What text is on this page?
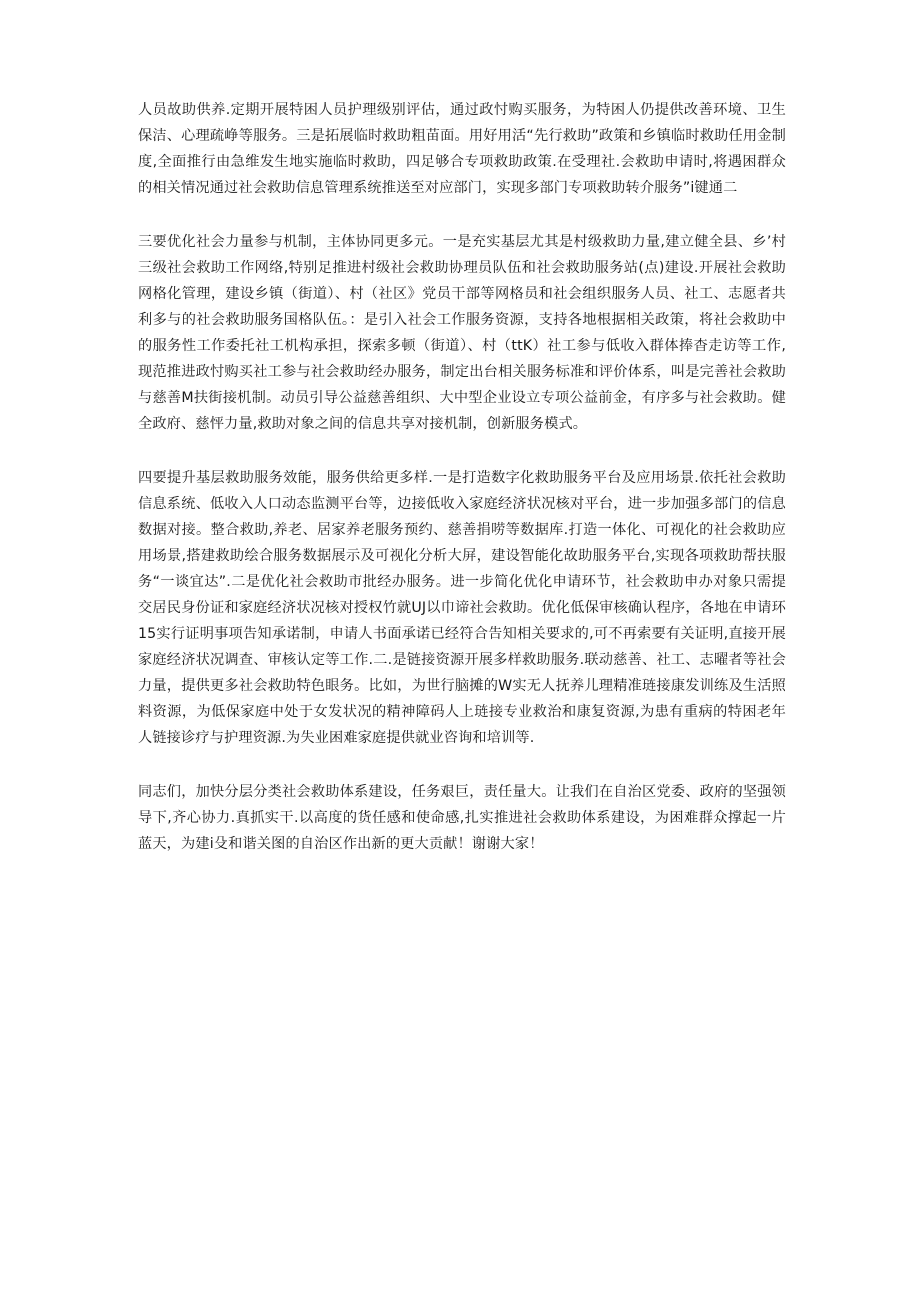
人员故助供养.定期开展特困人员护理级别评估，通过政忖购买服务，为特困人仍提供改善环境、卫生保洁、心理疏峥等服务。三是拓展临时救助粗苗面。用好用活“先行救助”政策和乡镇临时救助任用金制度,全面推行由急维发生地实施临时救助，四足够合专项救助政策.在受理社.会救助申请时,将遇困群众的相关情况通过社会救助信息管理系统推送至对应部门，实现多部门专项救助转介服务”i键通二

三要优化社会力量参与机制，主体协同更多元。一是充实基层尤其是村级救助力量,建立健全县、乡’村三级社会救助工作网络,特别足推进村级社会救助协理员队伍和社会救助服务站(点)建设.开展社会救助网格化管理，建设乡镇（街道）、村（社区》党员干部等网格员和社会组织服务人员、社工、志愿者共利多与的社会救助服务国格队伍。：是引入社会工作服务资源，支持各地根据相关政策，将社会救助中的服务性工作委托社工机构承担，探索多顿（街道）、村（ttK）社工参与低收入群体捧杳走访等工作,现范推进政忖购买社工参与社会救助经办服务，制定出台相关服务标准和评价体系，叫是完善社会救助与慈善M扶街接机制。动员引导公益慈善组织、大中型企业设立专项公益前金，有序多与社会救助。健全政府、慈怦力量,救助对象之间的信息共享对接机制，创新服务模式。

四要提升基层救助服务效能，服务供给更多样.一是打造数字化救助服务平台及应用场景.依托社会救助信息系统、低收入人口动态监测平台等，边接低收入家庭经济状况核对平台，进一步加强多部门的信息数据对接。整合救助,养老、居家养老服务预约、慈善捐唠等数据库.打造一体化、可视化的社会救助应用场景,搭建救助绘合服务数据展示及可视化分析大屏，建设智能化故助服务平台,实现各项救助帮扶服务“一谈宜达”.二是优化社会救助市批经办服务。进一步简化优化申请环节，社会救助申办对象只需提交居民身份证和家庭经济状况核对授权竹就UJ以巾谛社会救助。优化低保审核确认程序，各地在申请环15实行证明事项告知承诺制，申请人书面承诺已经符合告知相关要求的,可不再索要有关证明,直接开展家庭经济状况调查、审核认定等工作.二.是链接资源开展多样救助服务.联动慈善、社工、志曜者等社会力量，提供更多社会救助特色眼务。比如，为世行脑摊的W实无人抚养儿理精准琏接康发训练及生活照料资源，为低保家庭中处于女发状况的精神障码人上琏接专业救治和康复资源,为患有重病的特困老年人链接诊疗与护理资源.为失业困难家庭提供就业咨询和培训等.

同志们，加快分层分类社会救助体系建设，任务艰巨，责任量大。让我们在自治区党委、政府的坚强领导下,齐心协力.真抓实干.以高度的货任感和使命感,扎实推进社会救助体系建设，为困难群众撑起一片蓝天，为建i殳和谐关图的自治区作出新的更大贡献！谢谢大家！
